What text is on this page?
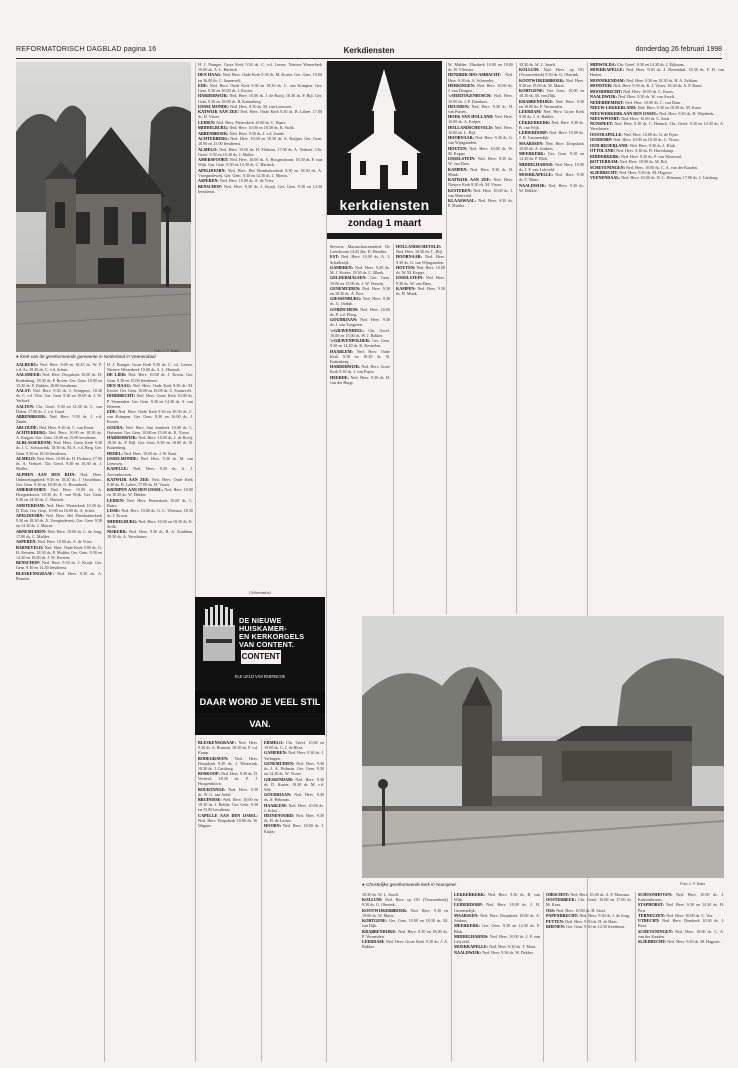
REFORMATORISCH DAGBLAD pagina 16	Kerkdiensten	donderdag 26 februari 1998
● Kerk van de gereformeerde gemeente in Nederland in Veenendaal.
Foto J. P. Bakx

AALBURG: Ned. Herv. 9.00 en 18.45 ds. W. P. v.d. Ar, 18.30 ds. C. v.d. Schuit.

AALSMEER: Ned. Herv. Dorpskerk 10.00 ds. H. Rodenburg, 18.30 ds. P. Boven. Ger. Gem. 10.00 en 15.30 ds. F. Bakker, 18.00 leesdienst.

AALST: Ned. Herv. 9.30 ds. J. Schippers, 18.30 ds. C. v.d. Vlist. Ger. Gem. 9.30 en 18.00 ds. J. W. Verhoef.

AALTEN: Chr. Geref. 9.30 en 14.30 ds. C. van Dalen, 17.00 ds. J. v.d. Graaf.

ABBENBROEK: Ned. Herv. 9.30 ds. J. v.d. Zande.

ABCOUDE: Ned. Herv. 9.30 ds. C. van Roest.

ACHTERBERG: Ned. Herv. 10.00 en 18.30 ds. A. Kuijper. Ger. Gem. 10.00 en 15.00 leesdienst.

ALBLASSERDAM: Ned. Herv. Grote Kerk 9.30 ds. J. C. Schouwink, 18.30 ds. M. A. v.d. Berg. Ger. Gem. 9.30 en 18.30 leesdienst.

ALMELO: Ned. Herv. 10.00 ds. H. Flokstra, 17.00 ds. A. Verhoef. Chr. Geref. 9.30 en 16.30 ds. J. Muller.

ALPHEN AAN DEN RIJN: Ned. Herv. Ontmoetingskerk 9.30 en 18.30 ds. J. Oosterhuis. Ger. Gem. 9.30 en 18.00 ds. G. Hoornbeek.

AMERSFOORT: Ned. Herv. 10.00 ds. A. Hoogendoorn, 18.30 ds. F. van Wijk. Ger. Gem. 9.30 en 14.30 ds. C. Harinck.

AMSTERDAM: Ned. Herv. Westerkerk 10.30 ds. D. Kok. Ger. Gem. 10.00 en 16.00 ds. A. Schot.

APELDOORN: Ned. Herv. Het Ebenhaëzerkerk 9.30 en 18.30 ds. A. Vroegindeweij. Ger. Gem. 9.30 en 14.30 ds. J. Mieras.

ARNEMUIDEN: Ned. Herv. 10.00 ds. L. de Jong, 17.00 ds. C. Mulder.

ASPEREN: Ned. Herv. 10.00 ds. A. de Vries.

BARNEVELD: Ned. Herv. Oude Kerk 9.00 ds. G. H. Kersten, 18.30 ds. P. Mulder. Ger. Gem. 9.30 en 14.30 en 18.00 ds. J. W. Kersten.

BENSCHOP: Ned. Herv. 9.30 ds. J. Kruijt. Ger. Gem. 9.30 en 14.30 leesdienst.

BLESKENSGRAAF: Ned. Herv. 9.30 ds. A. Romein.

H. J. Pranger. Grote Kerk 9.30 ds. C. v.d. Leeuw. Nieuwe Westerkerk 10.00 ds. A. L. Harinck.

DE LIER: Ned. Herv. 10.00 ds. J. Kroon. Ger. Gem. 9.30 en 15.00 leesdienst.

DEN HAAG: Ned. Herv. Oude Kerk 9.30 ds. M. Koster. Ger. Gem. 10.00 en 16.00 ds. C. Sonnevelt.

DORDRECHT: Ned. Herv. Grote Kerk 10.00 ds. P. Vermeulen. Ger. Gem. 9.30 en 14.30 ds. A. van Heteren.

EDE: Ned. Herv. Oude Kerk 9.30 en 18.30 ds. C. van Krimpen. Ger. Gem. 9.30 en 16.00 ds. J. Koster.

GOUDA: Ned. Herv. Sint Janskerk 10.00 ds. L. Huisman. Ger. Gem. 10.00 en 15.00 ds. K. Visser.

HARDERWIJK: Ned. Herv. 10.00 ds. J. de Rooij, 18.30 ds. P. Bijl. Ger. Gem. 9.30 en 18.00 ds. R. Kattenberg.

HEDEL: Ned. Herv. 10.00 ds. J. W. Kaat.

IJSSELMONDE: Ned. Herv. 9.30 ds. M. van Leeuwen.

KAPELLE: Ned. Herv. 9.30 ds. A. J. Zeevenhooven.

KATWIJK AAN ZEE: Ned. Herv. Oude Kerk 9.30 ds. B. Labee, 17.00 ds. H. Visser.

KRIMPEN AAN DEN IJSSEL: Ned. Herv. 10.00 en 18.30 ds. W. Dekker.

LEIDEN: Ned. Herv. Pieterskerk 10.00 ds. C. Baars.

LISSE: Ned. Herv. 10.00 ds. G. C. Vlietstra, 18.30 ds. J. Kroon.

MIDDELBURG: Ned. Herv. 10.00 en 18.30 ds. K. Stolk.

NIJKERK: Ned. Herv. 9.30 ds. B. A. Zuiddam, 18.30 ds. A. Verschuure.

H. J. Pranger. Grote Kerk 9.30 ds. C. v.d. Leeuw. Nieuwe Westerkerk 10.00 ds. A. L. Harinck.

DEN HAAG: Ned. Herv. Oude Kerk 9.30 ds. M. Koster. Ger. Gem. 10.00 en 16.00 ds. C. Sonnevelt.

EDE: Ned. Herv. Oude Kerk 9.30 en 18.30 ds. C. van Krimpen. Ger. Gem. 9.30 en 16.00 ds. J. Koster.

HARDERWIJK: Ned. Herv. 10.00 ds. J. de Rooij, 18.30 ds. P. Bijl. Ger. Gem. 9.30 en 18.00 ds. R. Kattenberg.

IJSSELMONDE: Ned. Herv. 9.30 ds. M. van Leeuwen.

KATWIJK AAN ZEE: Ned. Herv. Oude Kerk 9.30 ds. B. Labee, 17.00 ds. H. Visser.

LEIDEN: Ned. Herv. Pieterskerk 10.00 ds. C. Baars.

MIDDELBURG: Ned. Herv. 10.00 en 18.30 ds. K. Stolk.

ABBENBROEK: Ned. Herv. 9.30 ds. J. v.d. Zande.

ACHTERBERG: Ned. Herv. 10.00 en 18.30 ds. A. Kuijper. Ger. Gem. 10.00 en 15.00 leesdienst.

ALMELO: Ned. Herv. 10.00 ds. H. Flokstra, 17.00 ds. A. Verhoef. Chr. Geref. 9.30 en 16.30 ds. J. Muller.

AMERSFOORT: Ned. Herv. 10.00 ds. A. Hoogendoorn, 18.30 ds. F. van Wijk. Ger. Gem. 9.30 en 14.30 ds. C. Harinck.

APELDOORN: Ned. Herv. Het Ebenhaëzerkerk 9.30 en 18.30 ds. A. Vroegindeweij. Ger. Gem. 9.30 en 14.30 ds. J. Mieras.

ASPEREN: Ned. Herv. 10.00 ds. A. de Vries.

BENSCHOP: Ned. Herv. 9.30 ds. J. Kruijt. Ger. Gem. 9.30 en 14.30 leesdienst.

(Advertentie)
DE NIEUWE
HUISKAMER-
EN KERKORGELS
VAN CONTENT.
CONTENT
ELE GELD VAN PERFEKTIE
DAAR WORD JE VEEL STIL VAN.

BLESKENSGRAAF: Ned. Herv. 9.30 ds. A. Romein, 18.30 ds. P. v.d. Kamp.

BODEGRAVEN: Ned. Herv. Dorpskerk 9.30 ds. J. Westerink, 18.30 ds. J. Catsburg.

BOSKOOP: Ned. Herv. 9.30 ds. D. Verheul, 18.30 ds. P. J. Hoogendoorn.

BOURTANGE: Ned. Herv. 9.30 ds. W. G. van Arkel.

BRUINISSE: Ned. Herv. 10.00 en 18.30 ds. J. Belder. Ger. Gem. 9.30 en 15.00 leesdienst.

CAPELLE AAN DEN IJSSEL: Ned. Herv. Dorpskerk 10.00 ds. W. Wagner.

ERMELO: Chr. Geref. 10.00 en 19.00 ds. C. J. de Blois.

GAMEREN: Ned. Herv. 9.30 ds. J. Verhagen.

GENEMUIDEN: Ned. Herv. 9.30 ds. J. A. Hofman. Ger. Gem. 9.30 en 14.30 ds. W. Visser.

GIESSENDAM: Ned. Herv. 9.30 ds. D. Koster, 18.30 ds. M. v.d. Wal.

GOUDRIAAN: Ned. Herv. 9.30 ds. A. Hekman.

HAARLEM: Ned. Herv. 10.00 ds. J. Schot.

HEINENOORD: Ned. Herv. 9.30 ds. H. de Leeuw.

HOORN: Ned. Herv. 10.00 ds. J. Kuijer.

kerkdiensten
zondag 1 maart

Sieverts. Mariaschaweanderd. De Lenteboom 14.45 dhr. D. Hendrix.

EST: Ned. Herv. 10.00 ds. A. J. Schalkwijk.

GAMEREN: Ned. Herv. 9.30 ds. M. J. Koster, 18.30 ds. C. Blenk.

GELDERMALSEN: Ger. Gem. 10.00 en 15.00 ds. J. W. Verweij.

GENEMUIDEN: Ned. Herv. 9.30 en 18.30 ds. A. Post.

GIESSENBURG: Ned. Herv. 9.30 ds. G. Oudijk.

GORINCHEM: Ned. Herv. 10.00 ds. P. v.d. Ploeg.

GOUDRIAAN: Ned. Herv. 9.30 ds. J. van Tongeren.

's-GRAVENDEEL: Chr. Geref. 10.00 en 15.00 ds. W. J. Bakker.

's-GRAVENPOLDER: Ger. Gem. 9.30 en 14.30 ds. K. Kestrelen.

HAARLEM: Ned. Herv. Oude Kerk 9.30 en 18.30 ds. R. Kattenberg.

HARDERWIJK: Ned. Herv. Grote Kerk 9.30 ds. J. van Popta.

HEERDE: Ned. Herv. 9.30 ds. H. van der Burgt.

W. Mulder, Elimkerk 10.00 en 18.00 ds. H. Vlietstra.

HENDRIK-IDO-AMBACHT: Ned. Herv. 9.30 ds. S. Schreuder.

HERKINGEN: Ned. Herv. 10.00 ds. J. van Dongen.

's-HERTOGENBOSCH: Ned. Herv. 10.00 ds. J. P. Dronkers.

HEUSDEN: Ned. Herv. 9.30 ds. H. van Putten.

HOEK VAN HOLLAND: Ned. Herv. 10.00 ds. A. Kuiper.

HOLLANDSCHEVELD: Ned. Herv. 10.00 ds. L. Bijl.

HOORNAAR: Ned. Herv. 9.30 ds. G. van Wijngaarden.

HOUTEN: Ned. Herv. 10.00 ds. W. M. Koppe.

IJSSELSTEIN: Ned. Herv. 9.30 ds. W. van Dam.

KAMPEN: Ned. Herv. 9.30 ds. H. Munk.

KATWIJK AAN ZEE: Ned. Herv. Nieuwe Kerk 9.30 ds. M. Visser.

KESTEREN: Ned. Herv. 10.00 ds. J. van Meerveld.

KLAASWAAL: Ned. Herv. 9.30 ds. P. Mulder.

HOLLANDSCHEVELD: Ned. Herv. 10.00 ds. L. Bijl.

HOORNAAR: Ned. Herv. 9.30 ds. G. van Wijngaarden.

HOUTEN: Ned. Herv. 10.00 ds. W. M. Koppe.

IJSSELSTEIN: Ned. Herv. 9.30 ds. W. van Dam.

KAMPEN: Ned. Herv. 9.30 ds. H. Munk.

18.30 ds. W. L. Smelt.

KOLLUM: Ned. Herv. op OG (Vrouwenkerk) 9.30 ds. G. Oberink.

KOOTWIJKERBROEK: Ned. Herv. 9.30 en 19.00 ds. W. Marie.

KORTGENE: Ger. Gem. 10.00 en 18.30 ds. M. van Dijk.

KRABBENDIJKE: Ned. Herv. 9.30 en 18.00 ds. P. Vermeulen.

LEERDAM: Ned. Herv. Grote Kerk 9.30 ds. J. A. Bakker.

LEKKERKERK: Ned. Herv. 9.30 ds. B. van Wijk.

LEIDERDORP: Ned. Herv. 10.00 ds. J. H. Groenendijk.

MAARSSEN: Ned. Herv. Dorpskerk 10.00 ds. A. Jonkers.

MEERKERK: Ger. Gem. 9.30 en 14.30 ds. P. Blok.

MIDDELHARNIS: Ned. Herv. 10.00 ds. J. F. van Lelyveld.

MOERKAPELLE: Ned. Herv. 9.30 ds. T. Maas.

NAALDWIJK: Ned. Herv. 9.30 ds. W. Dekker.

MIDWOLDA: Chr. Geref. 9.30 en 14.30 ds. J. Eijkman.

MOERKAPELLE: Ned. Herv. 9.30 ds. J. Rosendaal, 18.30 ds. F. H. van Harten.

MONNIKENDAM: Ned. Herv. 9.30 en 18.30 ds. H. A. Zeldam.

MONSTER: Ned. Herv. 9.30 ds. K. J. Visser, 18.30 ds. A. P. Baars.

MOORDRECHT: Ned. Herv. 10.00 ds. C. Kaars.

NAALDWIJK: Ned. Herv. 9.30 ds. W. van Asselt.

NEDERHEMERT: Ned. Herv. 10.00 ds. C. van Dam.

NIEUW-LEKKERLAND: Ned. Herv. 9.30 en 18.30 ds. M. Kater.

NIEUWERKERK AAN DEN IJSSEL: Ned. Herv. 9.30 ds. H. Wijnbeek.

NIEUWPOORT: Ned. Herv. 10.00 ds. C. Smit.

NUNSPEET: Ned. Herv. 9.30 ds. C. Harinck, Chr. Geref. 9.30 en 14.30 ds. A. Verschuure.

OOSTKAPELLE: Ned. Herv. 10.00 ds. G. de Fijter.

OUDDORP: Ned. Herv. 10.00 en 18.30 ds. C. Visser.

OUD-BEIJERLAND: Ned. Herv. 9.30 ds. J. Klok.

OTTOLAND: Ned. Herv. 9.30 ds. B. Haverkamp.

RIDDERKERK: Ned. Herv. 9.30 ds. P. van Nieuwaal.

ROTTERDAM: Ned. Herv. 10.00 ds. M. Bol.

SCHEVENINGEN: Ned. Herv. 10.00 ds. C. A. van der Kaaden.

SLIEDRECHT: Ned. Herv. 9.30 ds. M. Hagoort.

VEENENDAAL: Ned. Herv. 10.00 ds. W. L. Hekman, 17.00 ds. J. Catsburg.

● Christelijke gereformeerde kerk in Nunspeet.	Foto J. P. Bakx

18.30 ds. W. L. Smelt.

KOLLUM: Ned. Herv. op OG (Vrouwenkerk) 9.30 ds. G. Oberink.

KOOTWIJKERBROEK: Ned. Herv. 9.30 en 19.00 ds. W. Marie.

KORTGENE: Ger. Gem. 10.00 en 18.30 ds. M. van Dijk.

KRABBENDIJKE: Ned. Herv. 9.30 en 18.00 ds. P. Vermeulen.

LEERDAM: Ned. Herv. Grote Kerk 9.30 ds. J. A. Bakker.

LEKKERKERK: Ned. Herv. 9.30 ds. B. van Wijk.

LEIDERDORP: Ned. Herv. 10.00 ds. J. H. Groenendijk.

MAARSSEN: Ned. Herv. Dorpskerk 10.00 ds. A. Jonkers.

MEERKERK: Ger. Gem. 9.30 en 14.30 ds. P. Blok.

MIDDELHARNIS: Ned. Herv. 10.00 ds. J. F. van Lelyveld.

MOERKAPELLE: Ned. Herv. 9.30 ds. T. Maas.

NAALDWIJK: Ned. Herv. 9.30 ds. W. Dekker.

OIRSCHOT: Ned. Herv. 10.00 ds. A. P. Monsma.

OOSTERBEEK: Chr. Geref. 10.00 en 17.00 ds. M. Kam.

OSS: Ned. Herv. 10.00 ds. H. Stoel.

PAPENDRECHT: Ned. Herv. 9.30 ds. J. de Jong.

PUTTEN: Ned. Herv. 9.30 ds. H. de Haas.

RHENEN: Ger. Gem. 9.30 en 14.30 leesdienst.

SCHOONHOVEN: Ned. Herv. 10.00 ds. J. Kuijvenhoven.

STAPHORST: Ned. Herv. 9.30 en 14.30 ds. H. Post.

TERNEUZEN: Ned. Herv. 10.00 ds. C. Vos.

UTRECHT: Ned. Herv. Domkerk 10.30 ds. J. Boot.

SCHEVENINGEN: Ned. Herv. 10.00 ds. C. A. van der Kaaden.

SLIEDRECHT: Ned. Herv. 9.30 ds. M. Hagoort.
